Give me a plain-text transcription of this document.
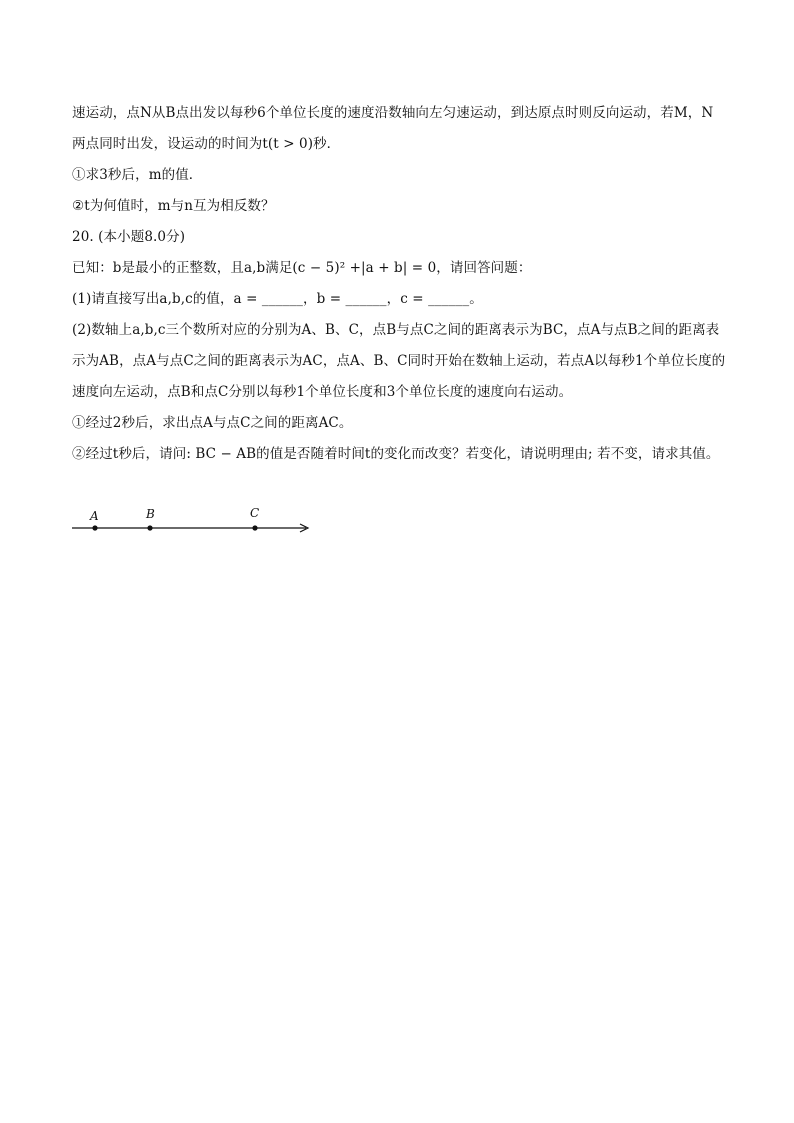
速运动，点N从B点出发以每秒6个单位长度的速度沿数轴向左匀速运动，到达原点时则反向运动，若M，N
两点同时出发，设运动的时间为t(t > 0)秒．
①求3秒后，m的值．
②t为何值时，m与n互为相反数？
20. (本小题8.0分)
已知：b是最小的正整数，且a,b满足(c − 5)² +|a + b| = 0，请回答问题：
(1)请直接写出a,b,c的值，a = ______，b = ______，c = ______。
(2)数轴上a,b,c三个数所对应的分别为A、B、C，点B与点C之间的距离表示为BC，点A与点B之间的距离表
示为AB，点A与点C之间的距离表示为AC，点A、B、C同时开始在数轴上运动，若点A以每秒1个单位长度的
速度向左运动，点B和点C分别以每秒1个单位长度和3个单位长度的速度向右运动。
①经过2秒后，求出点A与点C之间的距离AC。
②经过t秒后，请问: BC − AB的值是否随着时间t的变化而改变？若变化，请说明理由; 若不变，请求其值。
A	B	C
